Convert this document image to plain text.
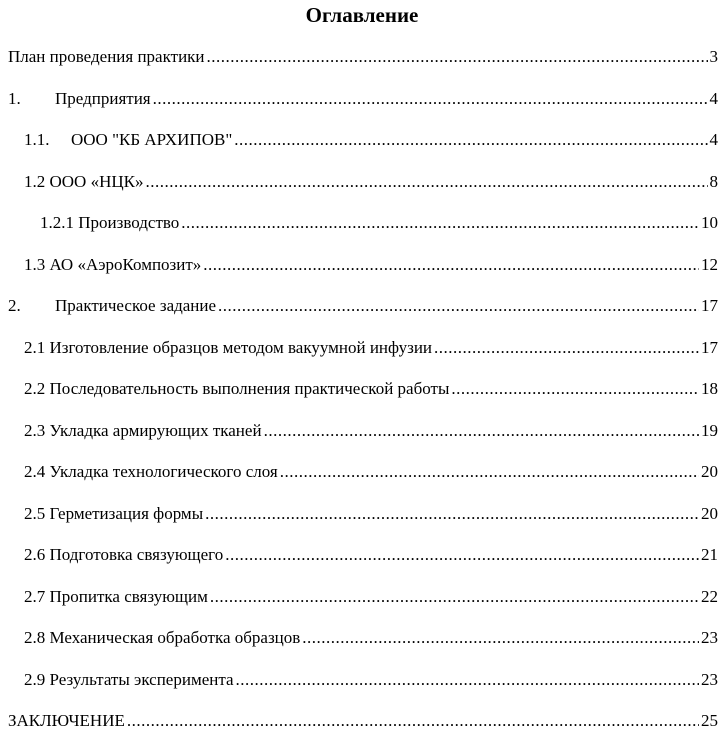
Оглавление
План проведения практики .....	3
1.	Предприятия .....	4
1.1.	ООО "КБ АРХИПОВ" .....	4
1.2 ООО «НЦК» .....	8
1.2.1 Производство .....	10
1.3 АО «АэроКомпозит» .....	12
2.	Практическое задание .....	17
2.1 Изготовление образцов методом вакуумной инфузии .....	17
2.2 Последовательность выполнения практической работы .....	18
2.3 Укладка армирующих тканей .....	19
2.4 Укладка технологического слоя .....	20
2.5 Герметизация формы .....	20
2.6 Подготовка связующего .....	21
2.7 Пропитка связующим .....	22
2.8 Механическая обработка образцов .....	23
2.9 Результаты эксперимента .....	23
ЗАКЛЮЧЕНИЕ .....	25
